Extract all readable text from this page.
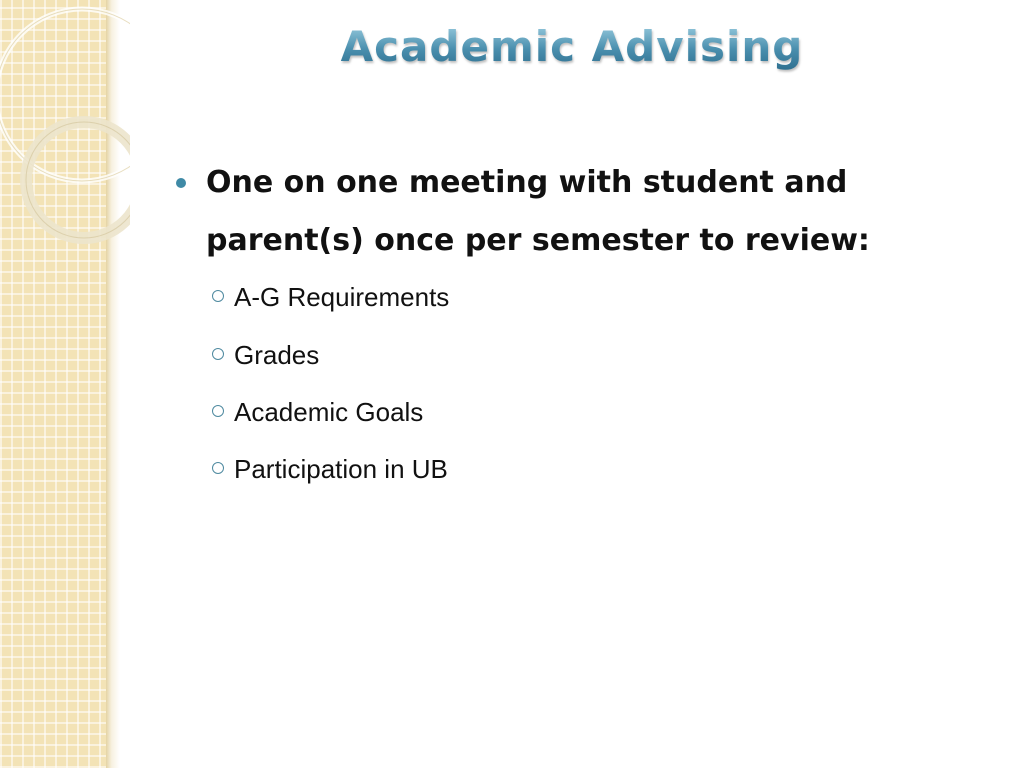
Academic Advising
One on one meeting with student and parent(s) once per semester to review:
A-G Requirements
Grades
Academic Goals
Participation in UB
